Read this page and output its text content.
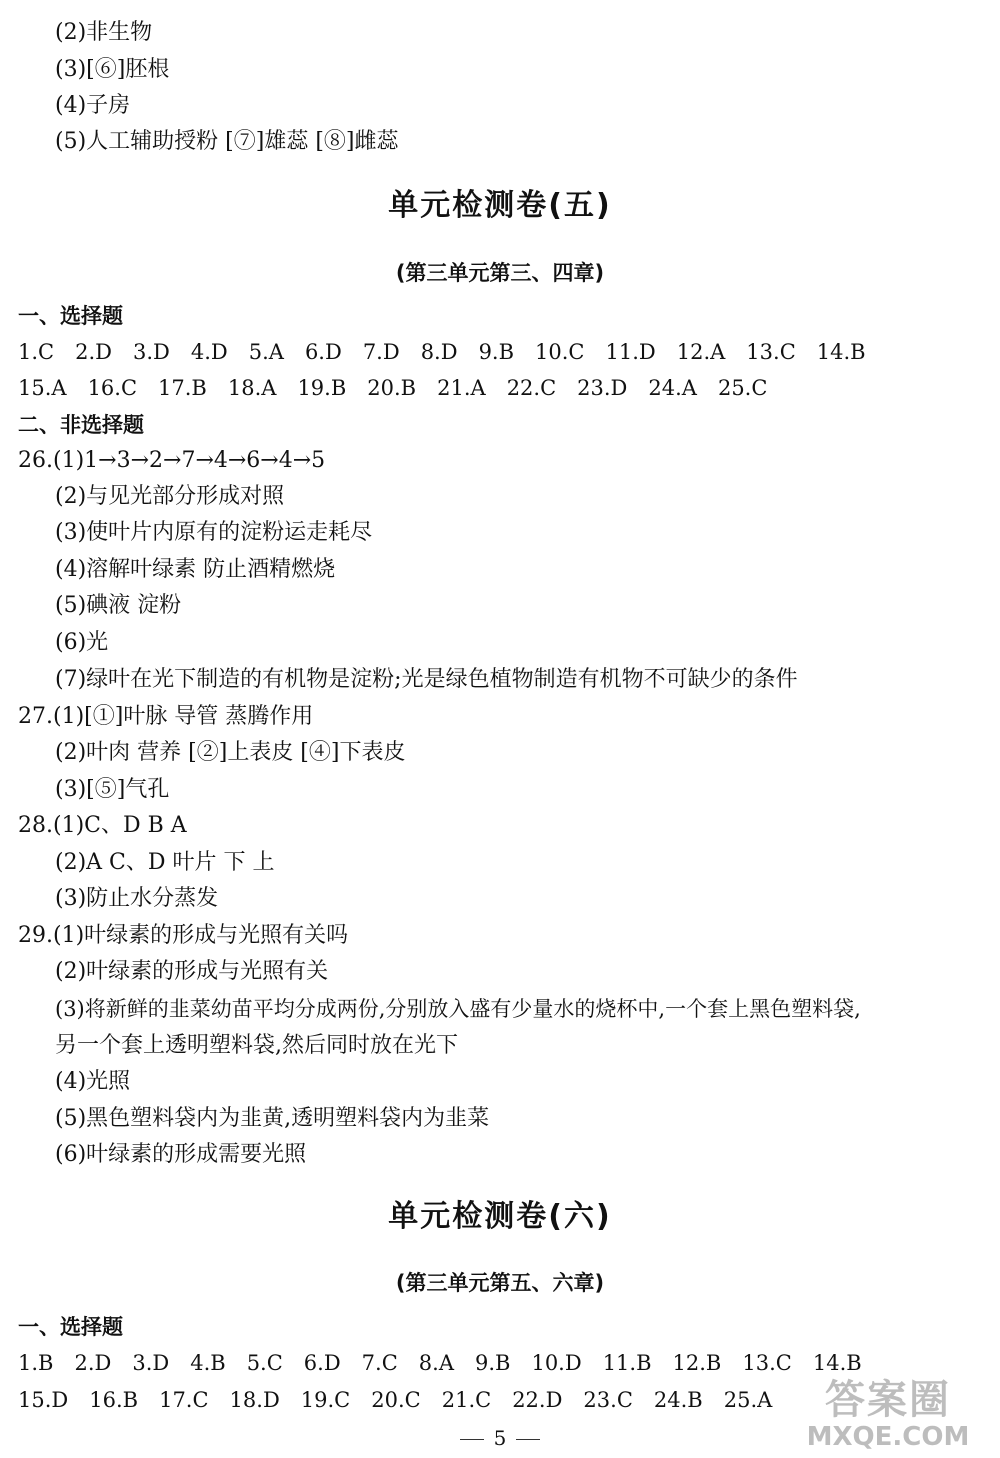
(2)非生物
(3)[⑥]胚根
(4)子房
(5)人工辅助授粉 [⑦]雄蕊 [⑧]雌蕊
单元检测卷(五)
(第三单元第三、四章)
一、选择题
1.C 2.D 3.D 4.D 5.A 6.D 7.D 8.D 9.B 10.C 11.D 12.A 13.C 14.B
15.A 16.C 17.B 18.A 19.B 20.B 21.A 22.C 23.D 24.A 25.C
二、非选择题
26.(1)1→3→2→7→4→6→4→5
(2)与见光部分形成对照
(3)使叶片内原有的淀粉运走耗尽
(4)溶解叶绿素 防止酒精燃烧
(5)碘液 淀粉
(6)光
(7)绿叶在光下制造的有机物是淀粉;光是绿色植物制造有机物不可缺少的条件
27.(1)[①]叶脉 导管 蒸腾作用
(2)叶肉 营养 [②]上表皮 [④]下表皮
(3)[⑤]气孔
28.(1)C、D B A
(2)A C、D 叶片 下 上
(3)防止水分蒸发
29.(1)叶绿素的形成与光照有关吗
(2)叶绿素的形成与光照有关
(3)将新鲜的韭菜幼苗平均分成两份,分别放入盛有少量水的烧杯中,一个套上黑色塑料袋,
另一个套上透明塑料袋,然后同时放在光下
(4)光照
(5)黑色塑料袋内为韭黄,透明塑料袋内为韭菜
(6)叶绿素的形成需要光照
单元检测卷(六)
(第三单元第五、六章)
一、选择题
1.B 2.D 3.D 4.B 5.C 6.D 7.C 8.A 9.B 10.D 11.B 12.B 13.C 14.B
15.D 16.B 17.C 18.D 19.C 20.C 21.C 22.D 23.C 24.B 25.A
5
答案圈
MXQE.COM
